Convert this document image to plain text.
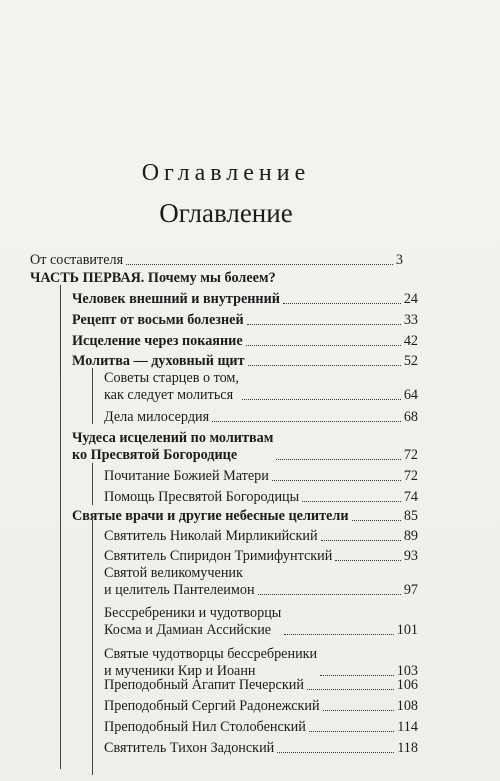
Оглавление
Оглавление
От составителя	3
ЧАСТЬ ПЕРВАЯ. Почему мы болеем?
Человек внешний и внутренний	24
Рецепт от восьми болезней	33
Исцеление через покаяние	42
Молитва — духовный щит	52
Советы старцев о том,
как следует молиться	64
Дела милосердия	68
Чудеса исцелений по молитвам
ко Пресвятой Богородице	72
Почитание Божией Матери	72
Помощь Пресвятой Богородицы	74
Святые врачи и другие небесные целители	85
Святитель Николай Мирликийский	89
Святитель Спиридон Тримифунтский	93
Святой великомученик
и целитель Пантелеимон	97
Бессребреники и чудотворцы
Косма и Дамиан Ассийские	101
Святые чудотворцы бессребреники
и мученики Кир и Иоанн	103
Преподобный Агапит Печерский	106
Преподобный Сергий Радонежский	108
Преподобный Нил Столобенский	114
Святитель Тихон Задонский	118
